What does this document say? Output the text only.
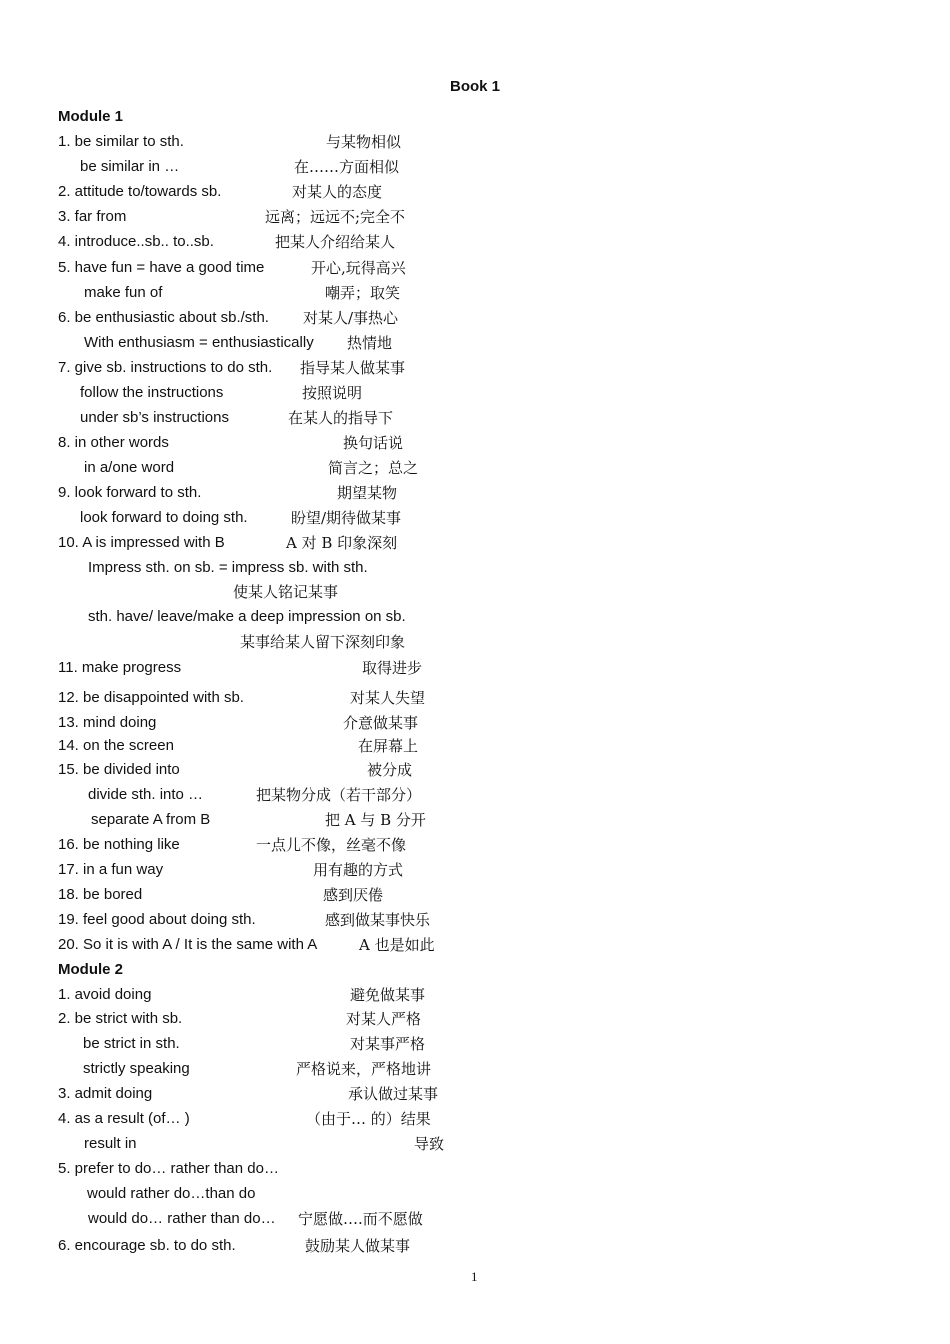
Book 1
Module 1
1. be similar to sth.	与某物相似
be similar in …	在……方面相似
2. attitude to/towards sb.	对某人的态度
3. far from	远离；远远不;完全不
4. introduce..sb.. to..sb.	把某人介绍给某人
5. have fun = have a good time	开心,玩得高兴
make fun of	嘲弄；取笑
6. be enthusiastic about sb./sth. 对某人/事热心
With enthusiasm = enthusiastically 热情地
7. give sb. instructions to do sth. 指导某人做某事
follow the instructions	按照说明
under sb’s instructions	在某人的指导下
8. in other words	换句话说
in a/one word	简言之；总之
9. look forward to sth.	期望某物
look forward to doing sth.	盼望/期待做某事
10. A is impressed with B	A 对 B 印象深刻
Impress sth. on sb. = impress sb. with sth.
使某人铭记某事
sth. have/ leave/make a deep impression on sb.
某事给某人留下深刻印象
11. make progress	取得进步
12. be disappointed with sb.	对某人失望
13. mind doing	介意做某事
14. on the screen	在屏幕上
15. be divided into	被分成
divide sth. into …	把某物分成（若干部分）
separate A from B	把 A 与 B 分开
16. be nothing like	一点儿不像，丝毫不像
17. in a fun way	用有趣的方式
18. be bored	感到厌倦
19. feel good about doing sth.	感到做某事快乐
20. So it is with A / It is the same with A	A 也是如此
Module 2
1. avoid doing	避免做某事
2. be strict with sb.	对某人严格
be strict in sth.	对某事严格
strictly speaking	严格说来，严格地讲
3. admit doing	承认做过某事
4. as a result (of… )	（由于… 的）结果
result in	导致
5. prefer to do… rather than do…
would rather do…than do
would do… rather than do… 宁愿做….而不愿做
6. encourage sb. to do sth.	鼓励某人做某事
1
